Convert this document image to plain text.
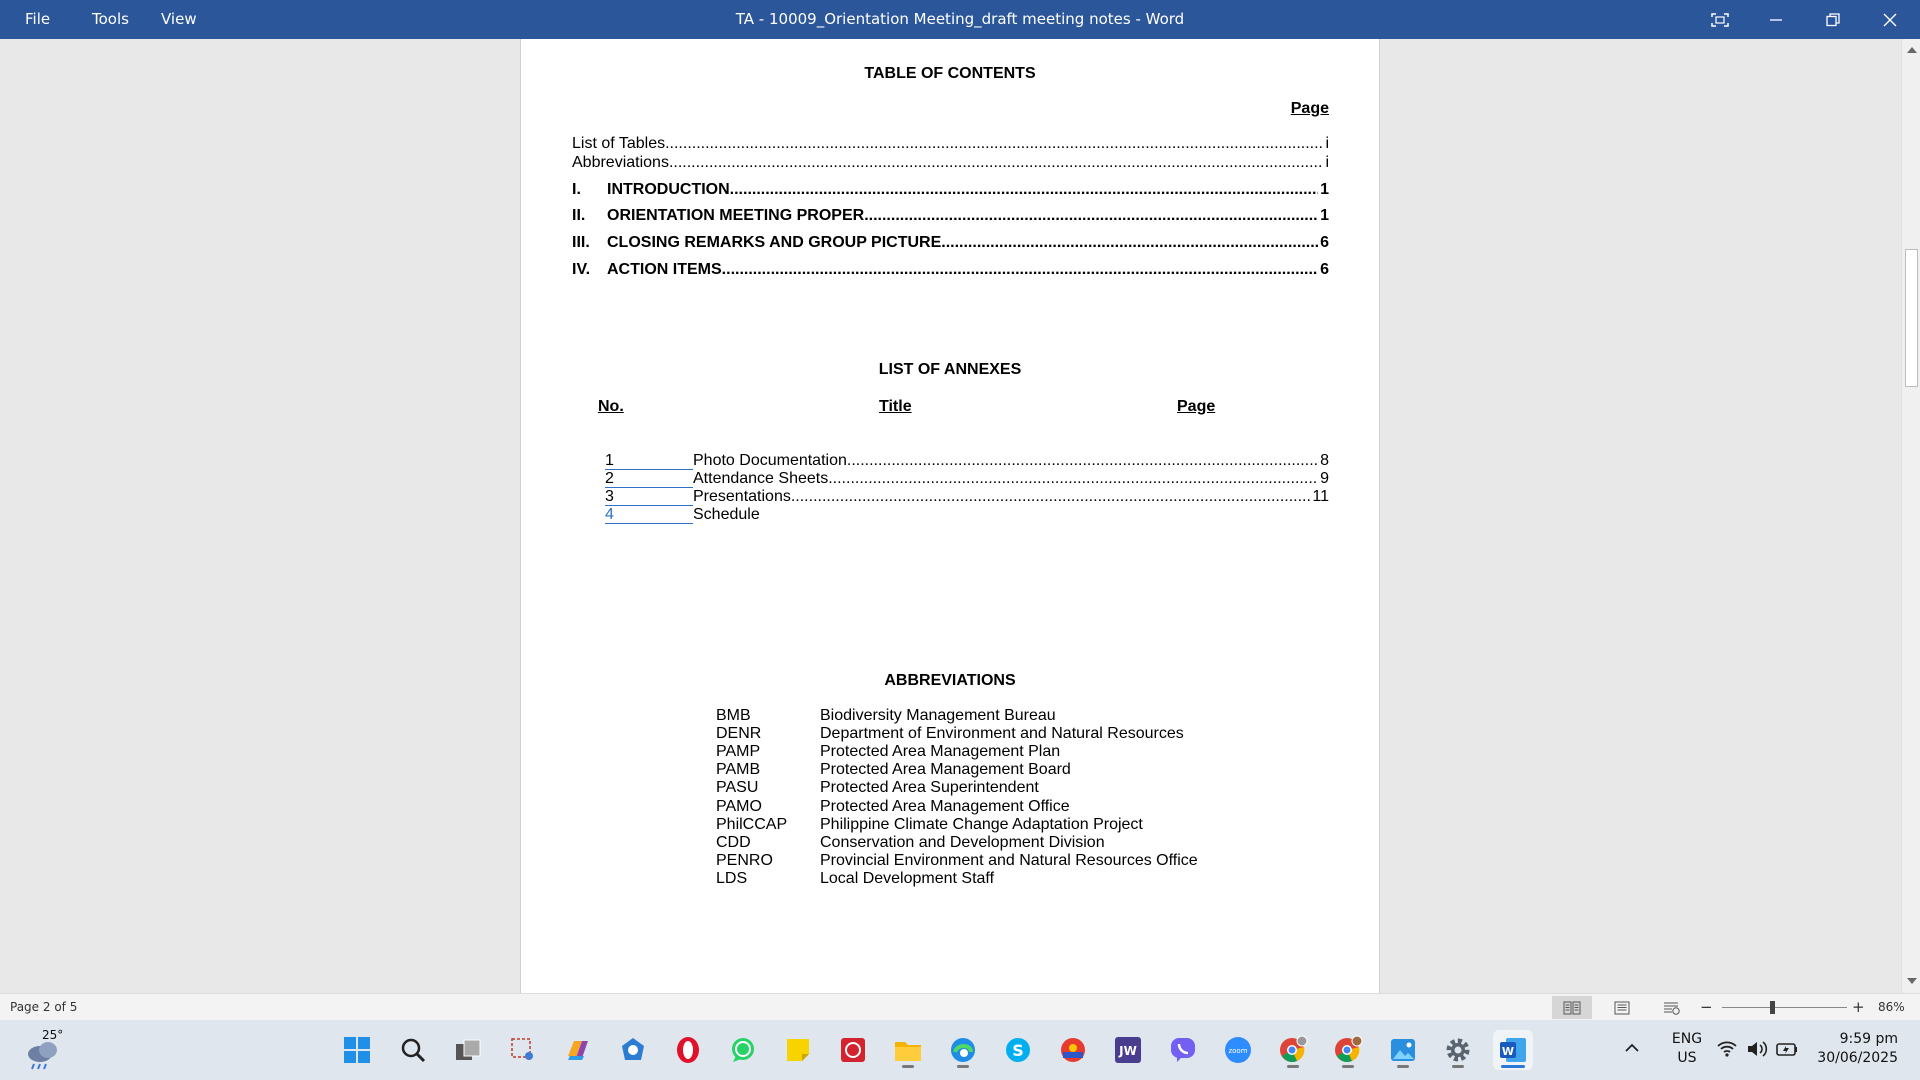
File	Tools View	TA - 10009_Orientation Meeting_draft meeting notes - Word
TABLE OF CONTENTS
Page
List of Tables .....	i
Abbreviations .....	i
I.	INTRODUCTION .....	1
II.	ORIENTATION MEETING PROPER .....	1
III.	CLOSING REMARKS AND GROUP PICTURE .....	6
IV.	ACTION ITEMS .....	6
LIST OF ANNEXES
No.	Title	Page
1	Photo Documentation .....	8
2	Attendance Sheets .....	9
3	Presentations .....	11
4	Schedule
ABBREVIATIONS
BMB	Biodiversity Management Bureau
DENR	Department of Environment and Natural Resources
PAMP	Protected Area Management Plan
PAMB	Protected Area Management Board
PASU	Protected Area Superintendent
PAMO	Protected Area Management Office
PhilCCAP Philippine Climate Change Adaptation Project
CDD	Conservation and Development Division
PENRO	Provincial Environment and Natural Resources Office
LDS	Local Development Staff
Page 2 of 5	−	+ 86%
25°
S	JW	zoom	W
ENG
US
9:59 pm
30/06/2025
